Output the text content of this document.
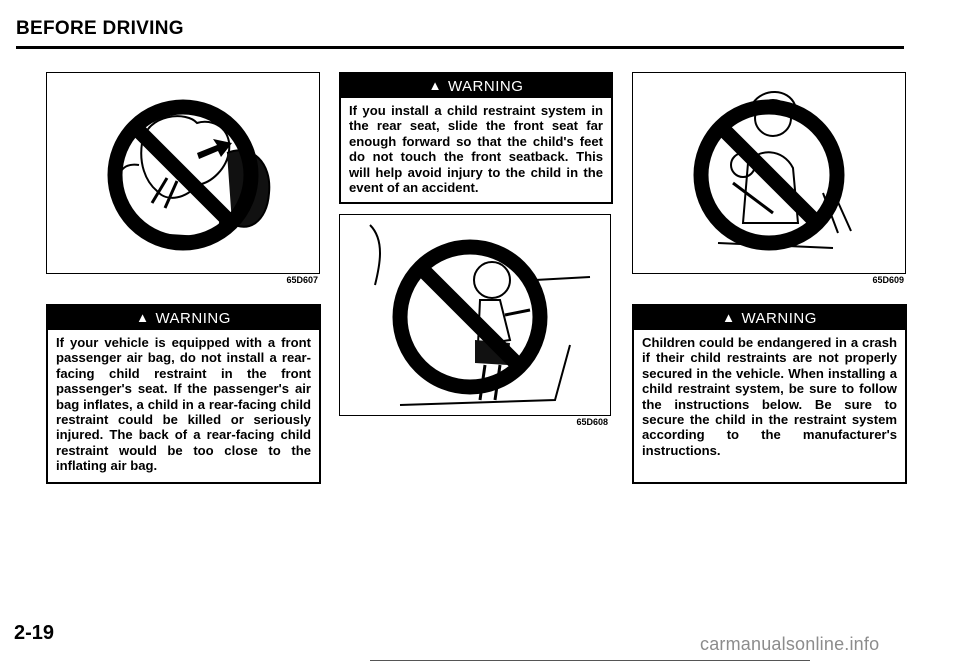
BEFORE DRIVING
65D607
▲ WARNING
If your vehicle is equipped with a front passenger air bag, do not install a rear-facing child restraint in the front passenger's seat. If the passenger's air bag inflates, a child in a rear-facing child restraint could be killed or seriously injured. The back of a rear-facing child restraint would be too close to the inflating air bag.
▲ WARNING
If you install a child restraint system in the rear seat, slide the front seat far enough forward so that the child's feet do not touch the front seatback. This will help avoid injury to the child in the event of an accident.
65D608
65D609
▲ WARNING
Children could be endangered in a crash if their child restraints are not properly secured in the vehicle. When installing a child restraint system, be sure to follow the instructions below. Be sure to secure the child in the restraint system according to the manufacturer's instructions.
2-19	carmanualsonline.info
